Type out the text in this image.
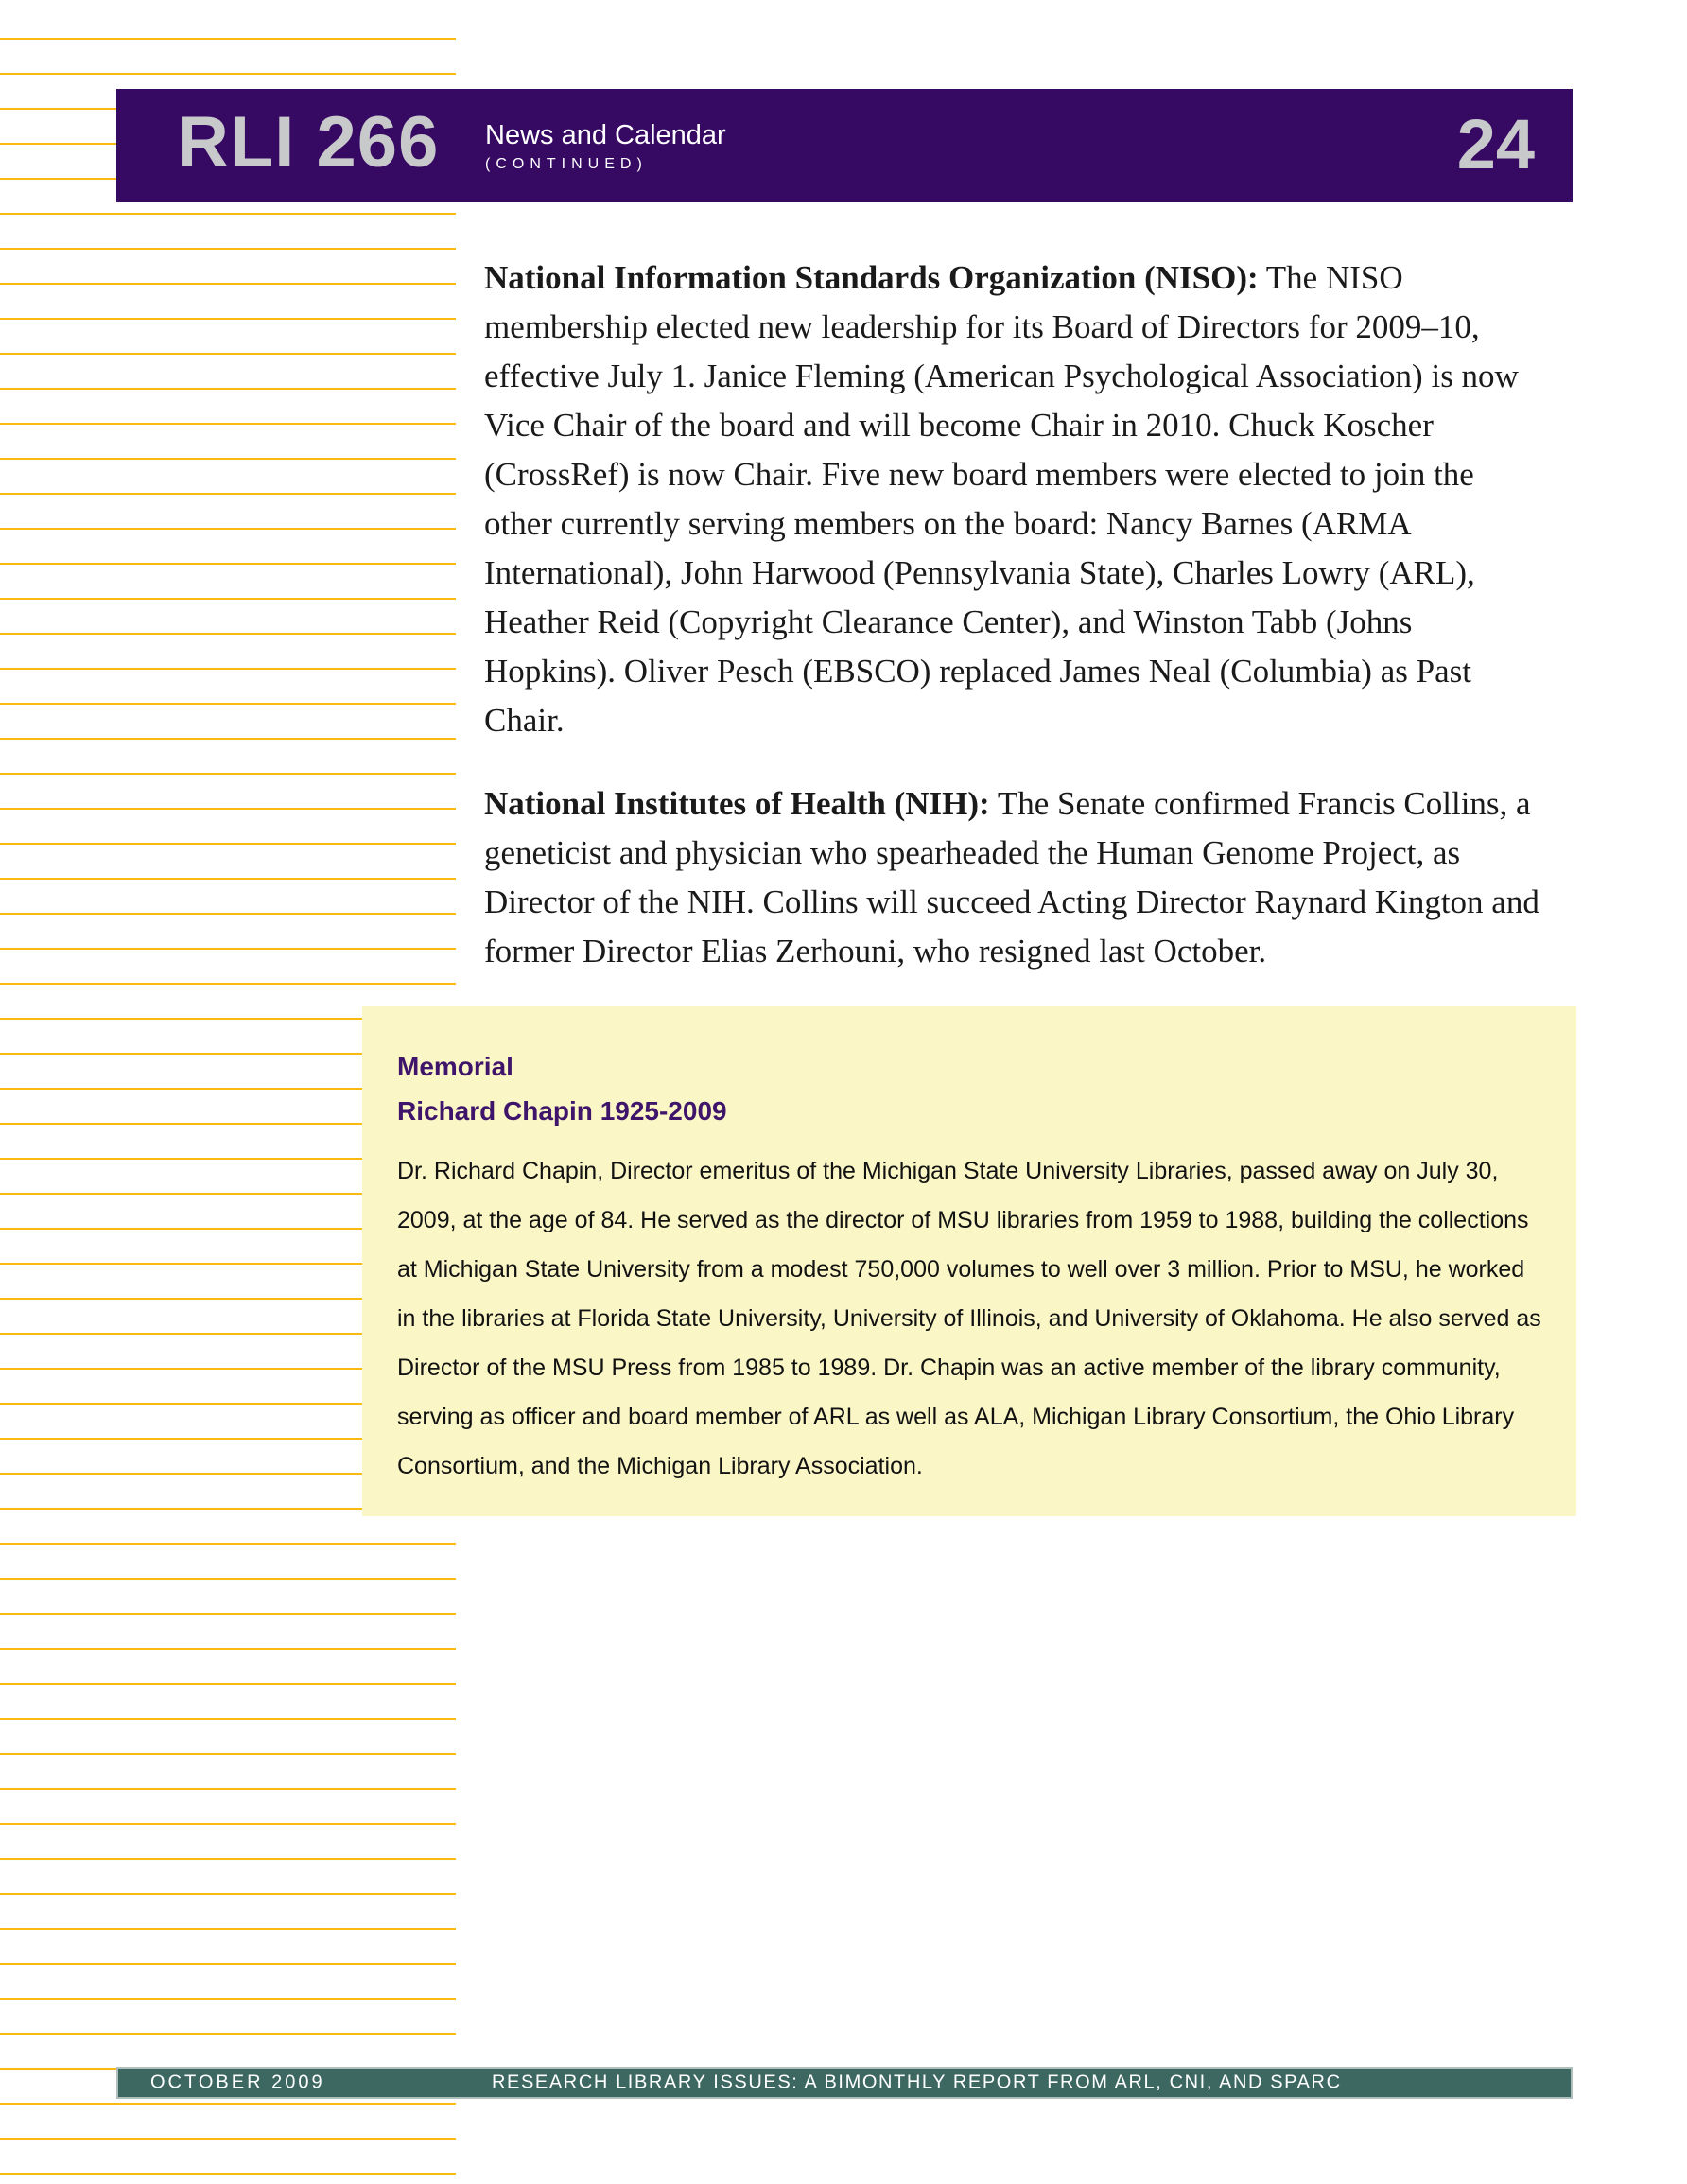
RLI 266 News and Calendar
(CONTINUED)	24

National Information Standards Organization (NISO): The NISO membership elected new leadership for its Board of Directors for 2009–10, effective July 1. Janice Fleming (American Psychological Association) is now Vice Chair of the board and will become Chair in 2010. Chuck Koscher (CrossRef) is now Chair. Five new board members were elected to join the other currently serving members on the board: Nancy Barnes (ARMA International), John Harwood (Pennsylvania State), Charles Lowry (ARL), Heather Reid (Copyright Clearance Center), and Winston Tabb (Johns Hopkins). Oliver Pesch (EBSCO) replaced James Neal (Columbia) as Past Chair.

National Institutes of Health (NIH): The Senate confirmed Francis Collins, a geneticist and physician who spearheaded the Human Genome Project, as Director of the NIH. Collins will succeed Acting Director Raynard Kington and former Director Elias Zerhouni, who resigned last October.

Memorial
Richard Chapin 1925-2009

Dr. Richard Chapin, Director emeritus of the Michigan State University Libraries, passed away on July 30, 2009, at the age of 84. He served as the director of MSU libraries from 1959 to 1988, building the collections at Michigan State University from a modest 750,000 volumes to well over 3 million. Prior to MSU, he worked in the libraries at Florida State University, University of Illinois, and University of Oklahoma. He also served as Director of the MSU Press from 1985 to 1989. Dr. Chapin was an active member of the library community, serving as officer and board member of ARL as well as ALA, Michigan Library Consortium, the Ohio Library Consortium, and the Michigan Library Association.

OCTOBER 2009	RESEARCH LIBRARY ISSUES: A BIMONTHLY REPORT FROM ARL, CNI, AND SPARC
